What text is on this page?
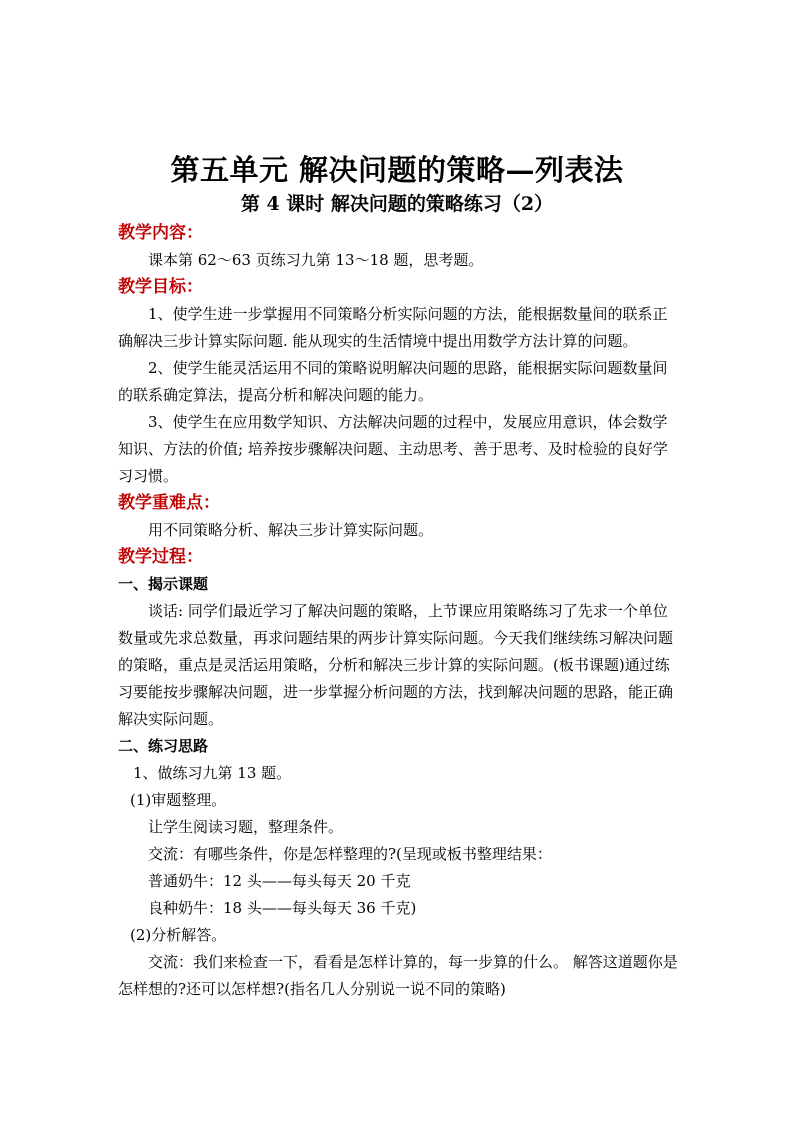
第五单元 解决问题的策略—列表法
第 4 课时 解决问题的策略练习（2）
教学内容：

课本第 62～63 页练习九第 13～18 题，思考题。

教学目标：

1、使学生进一步掌握用不同策略分析实际问题的方法，能根据数量间的联系正确解决三步计算实际问题. 能从现实的生活情境中提出用数学方法计算的问题。

2、使学生能灵活运用不同的策略说明解决问题的思路，能根据实际问题数量间的联系确定算法，提高分析和解决问题的能力。

3、使学生在应用数学知识、方法解决问题的过程中，发展应用意识，体会数学知识、方法的价值; 培养按步骤解决问题、主动思考、善于思考、及时检验的良好学习习惯。

教学重难点：

用不同策略分析、解决三步计算实际问题。

教学过程：
一、揭示课题

谈话: 同学们最近学习了解决问题的策略，上节课应用策略练习了先求一个单位数量或先求总数量，再求问题结果的两步计算实际问题。今天我们继续练习解决问题的策略，重点是灵活运用策略，分析和解决三步计算的实际问题。(板书课题)通过练习要能按步骤解决问题，进一步掌握分析问题的方法，找到解决问题的思路，能正确解决实际问题。

二、练习思路

1、做练习九第 13 题。

(1)审题整理。

让学生阅读习题，整理条件。

交流：有哪些条件，你是怎样整理的?(呈现或板书整理结果：

普通奶牛：12 头——每头每天 20 千克

良种奶牛：18 头——每头每天 36 千克)

(2)分析解答。

交流：我们来检查一下，看看是怎样计算的，每一步算的什么。 解答这道题你是怎样想的?还可以怎样想?(指名几人分别说一说不同的策略)
